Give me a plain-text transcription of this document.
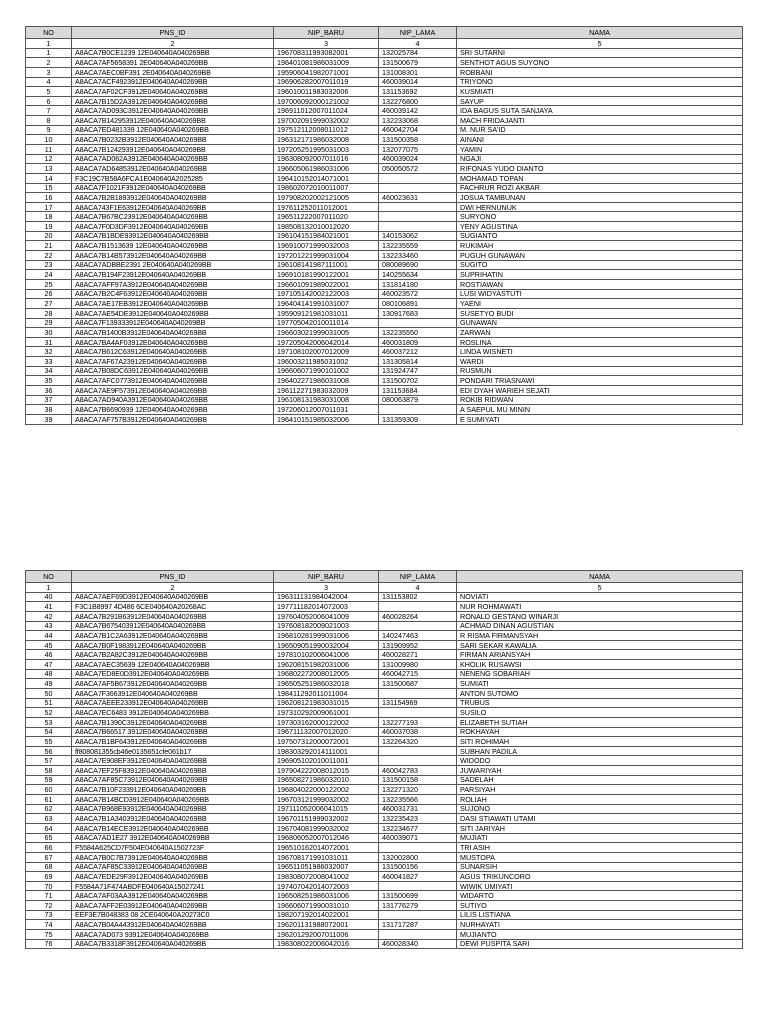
NO	PNS_ID	NIP_BARU	NIP_LAMA	NAMA
1	2	3	4	5
1	A8ACA7B0CE1239 12E040640A040269BB	196708311993082001	132025784	SRI SUTARNI
2	A8ACA7AF5658391 2E040640A040269BB	196401081986031009	131500679	SENTHOT AGUS SUYONO
3	A8ACA7AEC0BF391 2E040640A040269BB	195906041982071001	131008301	ROBBANI
4	A8ACA7ACF4923912E040640A040269BB	196906282007011019	460039014	TRIYONO
5	A8ACA7AF02CF3912E040640A040269BB	196010011983032006	131153692	KUSMIATI
6	A8ACA7B15D2A3912E040640A040269BB	197006092000121002	132276800	SAYUP
7	A8ACA7AD093C3912E040640A040269BB	196911012007011024	460039142	IDA BAGUS SUTA SANJAYA
8	A8ACA7B142953912E040640A040269BB	197002091999032002	132233068	MACH FRIDAJANTI
9	A8ACA7ED481339 12E040640A040269BB	197512112008011012	460042704	M. NUR SA'ID
10	A8ACA7B0232B3912E040640A040269BB	196312171986032008	131500358	AINANI
11	A8ACA7B124293912E040640A040269BB	197205251995031003	132077075	YAMIN
12	A8ACA7AD062A3912E040640A040269BB	196308092007011016	460039024	NGAJI
13	A8ACA7AD64853912E040640A040269BB	196605061986031006	050050572	RIFONAS YUDO DIANTO
14	F3C19C7B58A6FCA1E040640A2025285	196410152014071001		MOHAMAD TOPAN
15	A8ACA7F1021F3912E040640A040269BB	198602072010011007		FACHRUR ROZI AKBAR
16	A8ACA7B2B1893912E040640A040269BB	197908202002121005	460023631	JOSUA TAMBUNAN
17	A8ACA743F1E63912E040640A040269BB	197611252011012001		DWI HERNUNUK
18	A8ACA7B67BC23912E040640A040269BB	196511222007011020		SURYONO
19	A8ACA7F0D3DF3912E040640A040269BB	198508132010012020		YENY AGUSTINA
20	A8ACA7B1BDE93912E040640A040269BB	196104151984021001	140153062	SUGIANTO
21	A8ACA7B1513639 12E040640A040269BB	196910071999032003	132235559	RUKIMAH
22	A8ACA7B14B573912E040640A040269BB	197201221999031004	132233460	PUGUH GUNAWAN
23	A8ACA7ADBBE2391 2E040640A040269BB	196108141987111001	080089690	SUGITO
24	A8ACA7B194F23912E040640A040269BB	196910181990122001	140255634	SUPRIHATIN
25	A8ACA7AFF97A3912E040640A040269BB	196601091989022001	131814180	ROSTIAWAN
26	A8ACA7B2C4F63912E040640A040269BB	197105142002122003	460023572	LUSI WIDYASTUTI
27	A8ACA7AE17EB3912E040640A040269BB	196404141991031007	080106891	YAENI
28	A8ACA7AE54DE3912E040640A040269BB	195909121981031011	130917683	SUSETYO BUDI
29	A8ACA7F139333912E040640A040269BB	197705042010011014		GUNAWAN
30	A8ACA7B1400B3912E040640A040269BB	196603021999031005	132235550	ZARWAN
31	A8ACA7BA4AF03912E040640A040269BB	197205042006042014	460031809	ROSLINA
32	A8ACA7B612C63912E040640A040269BB	197108102007012009	460037212	LINDA WISNETI
33	A8ACA7AF67A23912E040640A040269BB	196003211985031002	131305814	WARDI
34	A8ACA7B08DC63912E040640A040269BB	196606071990101002	131924747	RUSMUN
35	A8ACA7AFC0773912E040640A040269BB	196402271986031008	131500702	PONDARI TRIASNAWI
36	A8ACA7AE9F573912E040640A040269BB	196112271983032009	131153684	EDI DYAH WARIEH SEJATI
37	A8ACA7AD940A3912E040640A040269BB	196108131983031008	080063879	ROKIB RIDWAN
38	A8ACA7B6690939 12E040640A040269BB	197206012007011031		A SAEPUL MU MININ
39	A8ACA7AF757B3912E040640A040269BB	196410151985032006	131359309	E SUMIYATI
NO	PNS_ID	NIP_BARU	NIP_LAMA	NAMA
1	2	3	4	5
40	A8ACA7AEF69D3912E040640A040269BB	196311131984042004	131153802	NOVIATI
41	F3C1B8997 4D486 6CE040640A20268AC	197711182014072003		NUR ROHMAWATI
42	A8ACA7B291B63912E040640A040269BB	197604052006041009	460028264	RONALD GESTANO WINARJI
43	A8ACA7B675403912E040640A040269BB	197608182009021003		ACHMAD DINAN AGUSTIAN
44	A8ACA7B1C2A63912E040640A040269BB	196810281999031006	140247463	R RISMA FIRMANSYAH
45	A8ACA7B0F1983912E040640A040269BB	196509051990032004	131909952	SARI SEKAR KAWALIA
46	A8ACA7B2A82C3912E040640A040269BB	197810102006041006	460028271	FIRMAN ARIANSYAH
47	A8ACA7AEC35639 12E040640A040269BB	196208151982031006	131009980	KHOLIK RUSAWSI
48	A8ACA7ED8E0D3912E040640A040269BB	196802272008012005	460042715	NENENG SOBARIAH
49	A8ACA7AF5B673912E040640A040269BB	196505251986032018	131500687	SUMIATI
50	A8ACA7F3663912E040640A040269BB	198411292011011004		ANTON SUTOMO
51	A8ACA7AEEE233912E040640A040269BB	196208121983031015	131154969	TRUBUS
52	A8ACA7EC6483 3912E040640A040269BB	197310292009061001		SUSILO
53	A8ACA7B1390C3912E040640A040269BB	197303162000122002	132277193	ELIZABETH SUTIAH
54	A8ACA7B66517 3912E040640A040269BB	196711132007012020	460037038	ROKHAYAH
55	A8ACA7B1BF643912E040640A040269BB	197507312000072001	132264320	SITI ROHIMAH
56	ff808081355cb46e0135651cfe061b17	198303292014111001		SUBHAN PADILA
57	A8ACA7E908EF3912E040640A040269BB	196905102010011001		WIDODO
58	A8ACA7EF25F83912E040640A040269BB	197904222008012015	460042783	JUWARIYAH
59	A8ACA7AF85C73912E040640A040269BB	196508271986032010	131500158	SADELAH
60	A8ACA7B10F233912E040640A040269BB	196804022000122002	132271320	PARSIYAH
61	A8ACA7B14BCD3912E040640A040269BB	196703121999032002	132235566	ROLIAH
62	A8ACA7B968E93912E040640A040269BB	197111052006041015	460031731	SUJONO
63	A8ACA7B1A3403912E040640A040269BB	196701151999032002	132235423	DASI STIAWATI UTAMI
64	A8ACA7B14ECE3912E040640A040269BB	196704081999032002	132234677	SITI JARIYAH
65	A8ACA7AD1E27 3912E040640A040269BB	196806052007012046	460039071	MUJIATI
66	F5584A625CD7F504E040640A1502723F	196510162014072001		TRI ASIH
67	A8ACA7B0C7B73912E040640A040269BB	196708171991031011	132002800	MUSTOPA
68	A8ACA7AF85C33912E040640A040269BB	196511051986032007	131500156	SUNARSIH
69	A8ACA7EDE29F3912E040640A040269BB	198308072008041002	460041827	AGUS TRIKUNCORO
70	F5584A71F474ABDFE040640A15027241	197407042014072003		WIWIK UMIYATI
71	A8ACA7AF03AA3912E040640A040269BB	196508251986031006	131500699	WIDARTO
72	A8ACA7AFF2E03912E040640A040269BB	196606071990031010	131776279	SUTIYO
73	EEF3E7B048383 08 2CE040640A20273C0	198207192014022001		LILIS LISTIANA
74	A8ACA7B04A443912E040640A040269BB	196201131988072001	131717287	NURHAYATI
75	A8ACA7AD073 93912E040640A040269BB	196201292007011006		MUJIANTO
76	A8ACA7B3318F3912E040640A040269BB	198308022006042016	460028340	DEWI PUSPITA SARI
